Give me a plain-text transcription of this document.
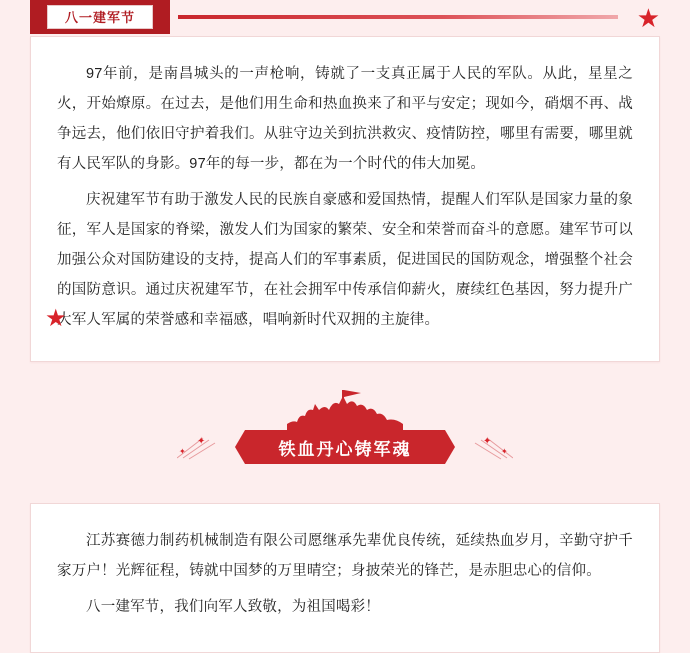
八一建军节	★

97年前，是南昌城头的一声枪响，铸就了一支真正属于人民的军队。从此，星星之火，开始燎原。在过去，是他们用生命和热血换来了和平与安定；现如今，硝烟不再、战争远去，他们依旧守护着我们。从驻守边关到抗洪救灾、疫情防控，哪里有需要，哪里就有人民军队的身影。97年的每一步，都在为一个时代的伟大加冕。

庆祝建军节有助于激发人民的民族自豪感和爱国热情，提醒人们军队是国家力量的象征，军人是国家的脊梁，激发人们为国家的繁荣、安全和荣誉而奋斗的意愿。建军节可以加强公众对国防建设的支持，提高人们的军事素质，促进国民的国防观念，增强整个社会的国防意识。通过庆祝建军节，在社会拥军中传承信仰薪火，赓续红色基因，努力提升广大军人军属的荣誉感和幸福感，唱响新时代双拥的主旋律。

★
✦
✦	铁血丹心铸军魂	✦
✦

江苏赛德力制药机械制造有限公司愿继承先辈优良传统，延续热血岁月，辛勤守护千家万户！光辉征程，铸就中国梦的万里晴空；身披荣光的锋芒，是赤胆忠心的信仰。

八一建军节，我们向军人致敬，为祖国喝彩！
